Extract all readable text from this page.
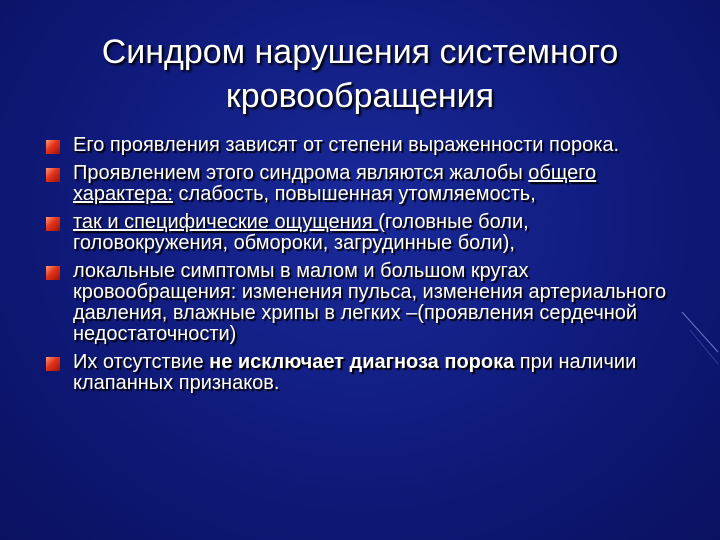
Синдром нарушения системного
кровообращения
Его проявления зависят от степени выраженности порока.
Проявлением этого синдрома являются жалобы общего характера: слабость, повышенная утомляемость,
так и специфические ощущения (головные боли, головокружения, обмороки, загрудинные боли),
локальные симптомы в малом и большом кругах кровообращения: изменения пульса, изменения артериального давления, влажные хрипы в легких –(проявления сердечной недостаточности)
Их отсутствие не исключает диагноза порока при наличии клапанных признаков.
